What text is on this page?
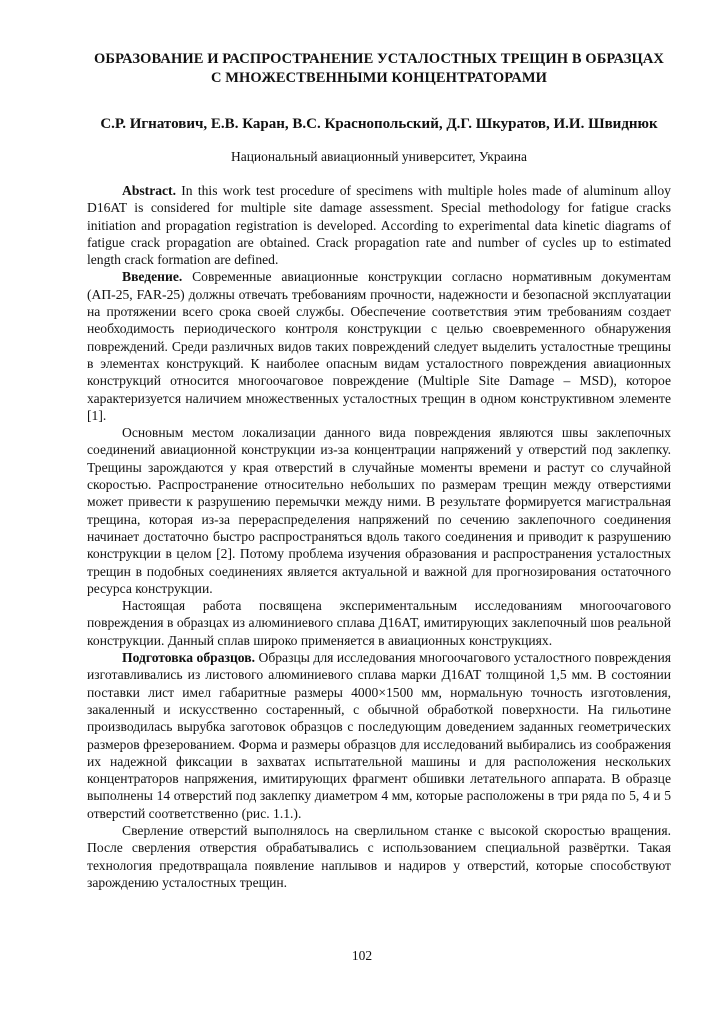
ОБРАЗОВАНИЕ И РАСПРОСТРАНЕНИЕ УСТАЛОСТНЫХ ТРЕЩИН В ОБРАЗЦАХ С МНОЖЕСТВЕННЫМИ КОНЦЕНТРАТОРАМИ
С.Р. Игнатович, Е.В. Каран, В.С. Краснопольский, Д.Г. Шкуратов, И.И. Швиднюк
Национальный авиационный университет, Украина

Abstract. In this work test procedure of specimens with multiple holes made of aluminum alloy D16AT is considered for multiple site damage assessment. Special methodology for fatigue cracks initiation and propagation registration is developed. According to experimental data kinetic diagrams of fatigue crack propagation are obtained. Crack propagation rate and number of cycles up to estimated length crack formation are defined.

Введение. Современные авиационные конструкции согласно нормативным документам (АП-25, FAR-25) должны отвечать требованиям прочности, надежности и безопасной эксплуатации на протяжении всего срока своей службы. Обеспечение соответствия этим требованиям создает необходимость периодического контроля конструкции с целью своевременного обнаружения повреждений. Среди различных видов таких повреждений следует выделить усталостные трещины в элементах конструкций. К наиболее опасным видам усталостного повреждения авиационных конструкций относится многоочаговое повреждение (Multiple Site Damage – MSD), которое характеризуется наличием множественных усталостных трещин в одном конструктивном элементе [1].

Основным местом локализации данного вида повреждения являются швы заклепочных соединений авиационной конструкции из-за концентрации напряжений у отверстий под заклепку. Трещины зарождаются у края отверстий в случайные моменты времени и растут со случайной скоростью. Распространение относительно небольших по размерам трещин между отверстиями может привести к разрушению перемычки между ними. В результате формируется магистральная трещина, которая из-за перераспределения напряжений по сечению заклепочного соединения начинает достаточно быстро распространяться вдоль такого соединения и приводит к разрушению конструкции в целом [2]. Потому проблема изучения образования и распространения усталостных трещин в подобных соединениях является актуальной и важной для прогнозирования остаточного ресурса конструкции.

Настоящая работа посвящена экспериментальным исследованиям многоочагового повреждения в образцах из алюминиевого сплава Д16АТ, имитирующих заклепочный шов реальной конструкции. Данный сплав широко применяется в авиационных конструкциях.

Подготовка образцов. Образцы для исследования многоочагового усталостного повреждения изготавливались из листового алюминиевого сплава марки Д16АТ толщиной 1,5 мм. В состоянии поставки лист имел габаритные размеры 4000×1500 мм, нормальную точность изготовления, закаленный и искусственно состаренный, с обычной обработкой поверхности. На гильотине производилась вырубка заготовок образцов с последующим доведением заданных геометрических размеров фрезерованием. Форма и размеры образцов для исследований выбирались из соображения их надежной фиксации в захватах испытательной машины и для расположения нескольких концентраторов напряжения, имитирующих фрагмент обшивки летательного аппарата. В образце выполнены 14 отверстий под заклепку диаметром 4 мм, которые расположены в три ряда по 5, 4 и 5 отверстий соответственно (рис. 1.1.).

Сверление отверстий выполнялось на сверлильном станке с высокой скоростью вращения. После сверления отверстия обрабатывались с использованием специальной развёртки. Такая технология предотвращала появление наплывов и надиров у отверстий, которые способствуют зарождению усталостных трещин.

102
